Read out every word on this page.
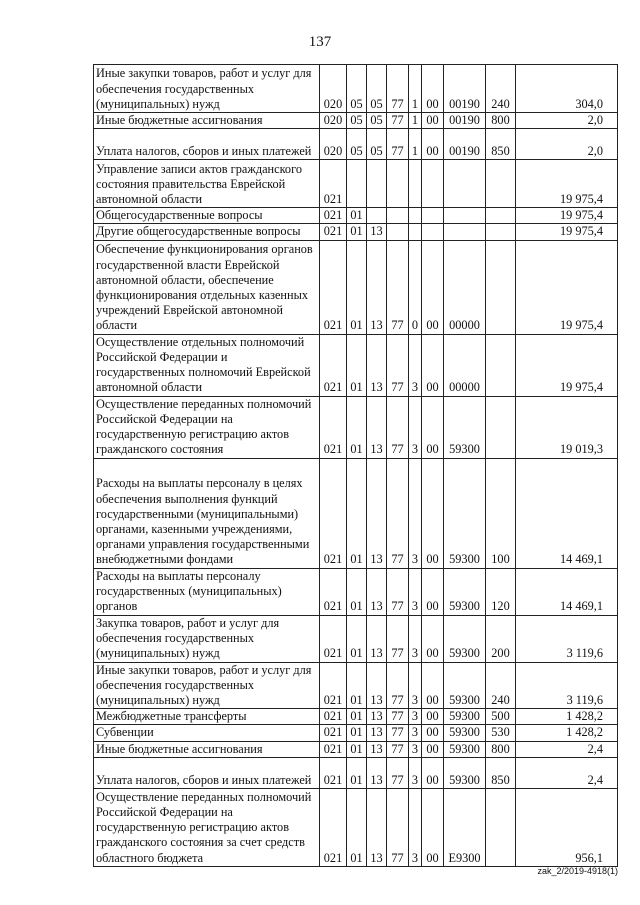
137
Иные закупки товаров, работ и услуг для обеспечения государственных (муниципальных) нужд	020	05	05	77	1	00	00190	240	304,0
Иные бюджетные ассигнования	020	05	05	77	1	00	00190	800	2,0
Уплата налогов, сборов и иных платежей	020	05	05	77	1	00	00190	850	2,0
Управление записи актов гражданского состояния правительства Еврейской автономной области	021								19 975,4
Общегосударственные вопросы	021	01							19 975,4
Другие общегосударственные вопросы	021	01	13						19 975,4
Обеспечение функционирования органов государственной власти Еврейской автономной области, обеспечение функционирования отдельных казенных учреждений Еврейской автономной области	021	01	13	77	0	00	00000		19 975,4
Осуществление отдельных полномочий Российской Федерации и государственных полномочий Еврейской автономной области	021	01	13	77	3	00	00000		19 975,4
Осуществление переданных полномочий Российской Федерации на государственную регистрацию актов гражданского состояния	021	01	13	77	3	00	59300		19 019,3
Расходы на выплаты персоналу в целях обеспечения выполнения функций государственными (муниципальными) органами, казенными учреждениями, органами управления государственными внебюджетными фондами	021	01	13	77	3	00	59300	100	14 469,1
Расходы на выплаты персоналу государственных (муниципальных) органов	021	01	13	77	3	00	59300	120	14 469,1
Закупка товаров, работ и услуг для обеспечения государственных (муниципальных) нужд	021	01	13	77	3	00	59300	200	3 119,6
Иные закупки товаров, работ и услуг для обеспечения государственных (муниципальных) нужд	021	01	13	77	3	00	59300	240	3 119,6
Межбюджетные трансферты	021	01	13	77	3	00	59300	500	1 428,2
Субвенции	021	01	13	77	3	00	59300	530	1 428,2
Иные бюджетные ассигнования	021	01	13	77	3	00	59300	800	2,4
Уплата налогов, сборов и иных платежей	021	01	13	77	3	00	59300	850	2,4
Осуществление переданных полномочий Российской Федерации на государственную регистрацию актов гражданского состояния за счет средств областного бюджета	021	01	13	77	3	00	Е9300		956,1
zak_2/2019-4918(1)
